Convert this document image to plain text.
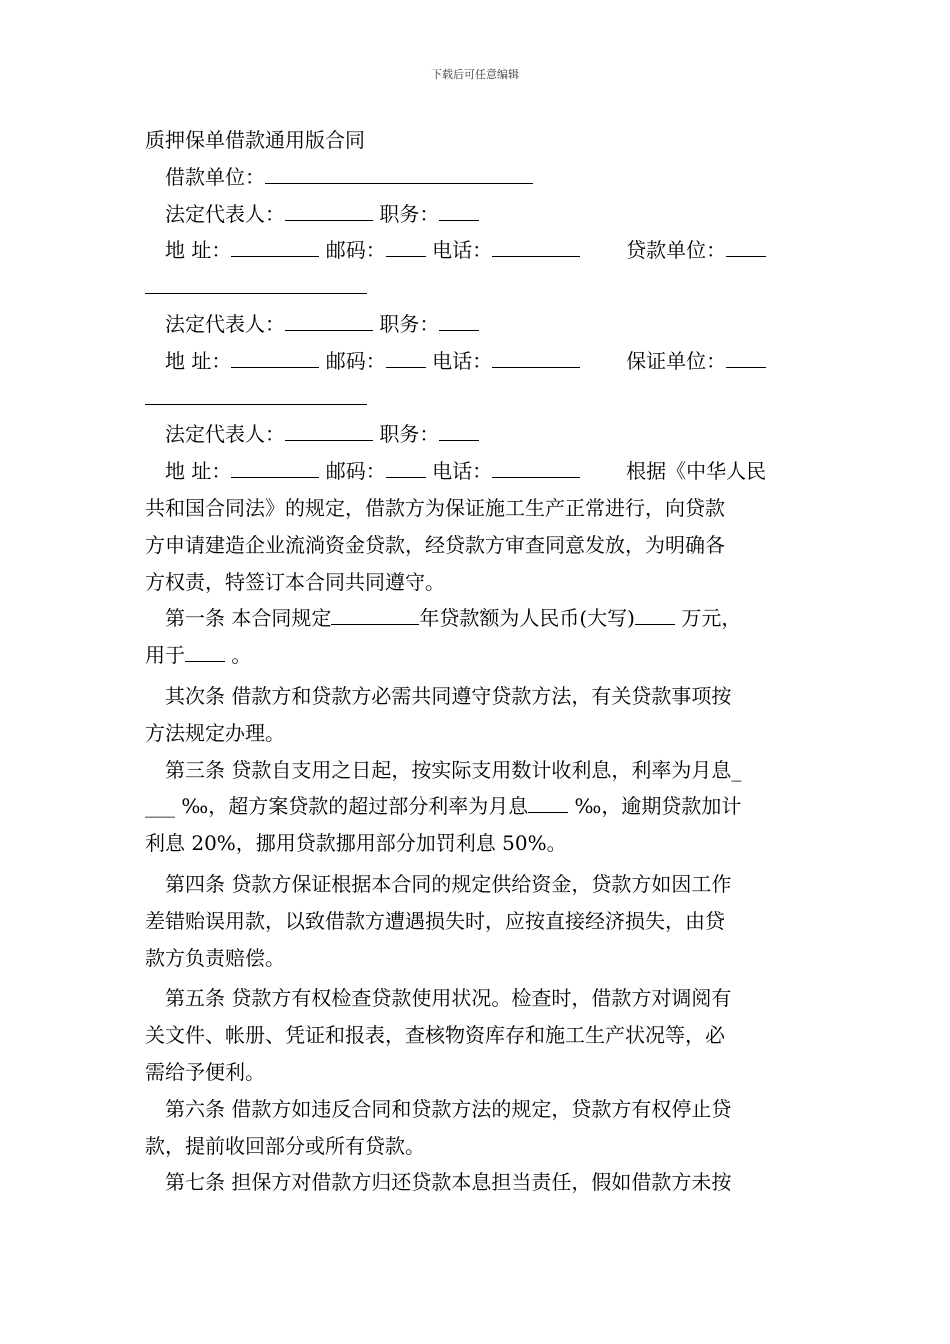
下载后可任意编辑
质押保单借款通用版合同
借款单位：
法定代表人：	职务：
地 址：	邮码： 电话：	贷款单位：
法定代表人：	职务：
地 址：	邮码： 电话：	保证单位：
法定代表人：	职务：
地 址：	邮码： 电话：	根据《中华人民
共和国合同法》的规定，借款方为保证施工生产正常进行，向贷款
方申请建造企业流淌资金贷款，经贷款方审查同意发放，为明确各
方权责，特签订本合同共同遵守。
第一条 本合同规定	年贷款额为人民币(大写) 万元，
用于 。
其次条 借款方和贷款方必需共同遵守贷款方法，有关贷款事项按
方法规定办理。
第三条 贷款自支用之日起，按实际支用数计收利息，利率为月息_
___ ‰，超方案贷款的超过部分利率为月息 ‰，逾期贷款加计
利息 20%，挪用贷款挪用部分加罚利息 50%。
第四条 贷款方保证根据本合同的规定供给资金，贷款方如因工作
差错贻误用款，以致借款方遭遇损失时，应按直接经济损失，由贷
款方负责赔偿。
第五条 贷款方有权检查贷款使用状况。检查时，借款方对调阅有
关文件、帐册、凭证和报表，查核物资库存和施工生产状况等，必
需给予便利。
第六条 借款方如违反合同和贷款方法的规定，贷款方有权停止贷
款，提前收回部分或所有贷款。
第七条 担保方对借款方归还贷款本息担当责任，假如借款方未按
